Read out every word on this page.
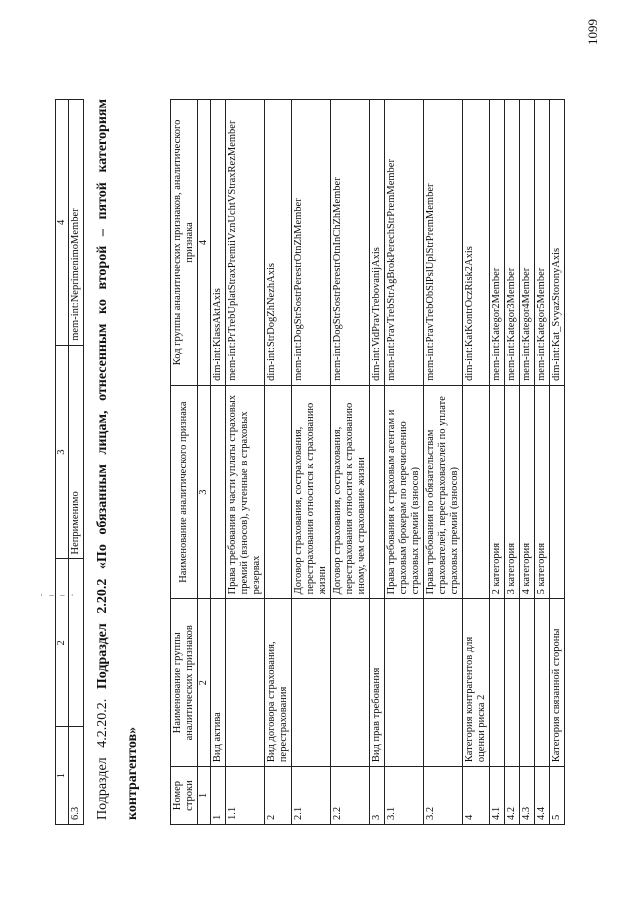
1	2	3	4
6.3		Неприменимо	mem-int:NeprimenimoMember
Подраздел 4.2.20.2. Подраздел 2.20.2 «По обязанным лицам, отнесенным ко второй – пятой категориям контрагентов»	Номер строки	Наименование группы аналитических признаков	Наименование аналитического признака	Код группы аналитических признаков, аналитического признака
1	2	3	4
1	Вид актива		dim-int:KlassAktAxis
1.1		Права требования в части уплаты страховых премий (взносов), учтенные в страховых резервах	mem-int:PrTrebUplatStraxPremiiVznUchtVStraxRezMember
2	Вид договора страхования, перестрахования		dim-int:StrDogZhNezhAxis
2.1		Договор страхования, сострахования, перестрахования относится к страхованию жизни	mem-int:DogStrSostrPerestrOtnZhMember
2.2		Договор страхования, сострахования, перестрахования относится к страхованию иному, чем страхование жизни	mem-int:DogStrSostrPerestrOtnInChZhMember
3	Вид прав требования		dim-int:VidPravTrebovanijAxis
3.1		Права требования к страховым агентам и страховым брокерам по перечислению страховых премий (взносов)	mem-int:PravTrebStrAgBrokPerechStrPremMember
3.2		Права требования по обязательствам страхователей, перестрахователей по уплате страховых премий (взносов)	mem-int:PravTrebObSlPslUplStrPremMember
4	Категория контрагентов для оценки риска 2		dim-int:KatKontrOczRisk2Axis
4.1		2 категория	mem-int:Kategor2Member
4.2		3 категория	mem-int:Kategor3Member
4.3		4 категория	mem-int:Kategor4Member
4.4		5 категория	mem-int:Kategor5Member
5	Категория связанной стороны		dim-int:Kat_SvyazStoronyAxis
1099
· – – ·
